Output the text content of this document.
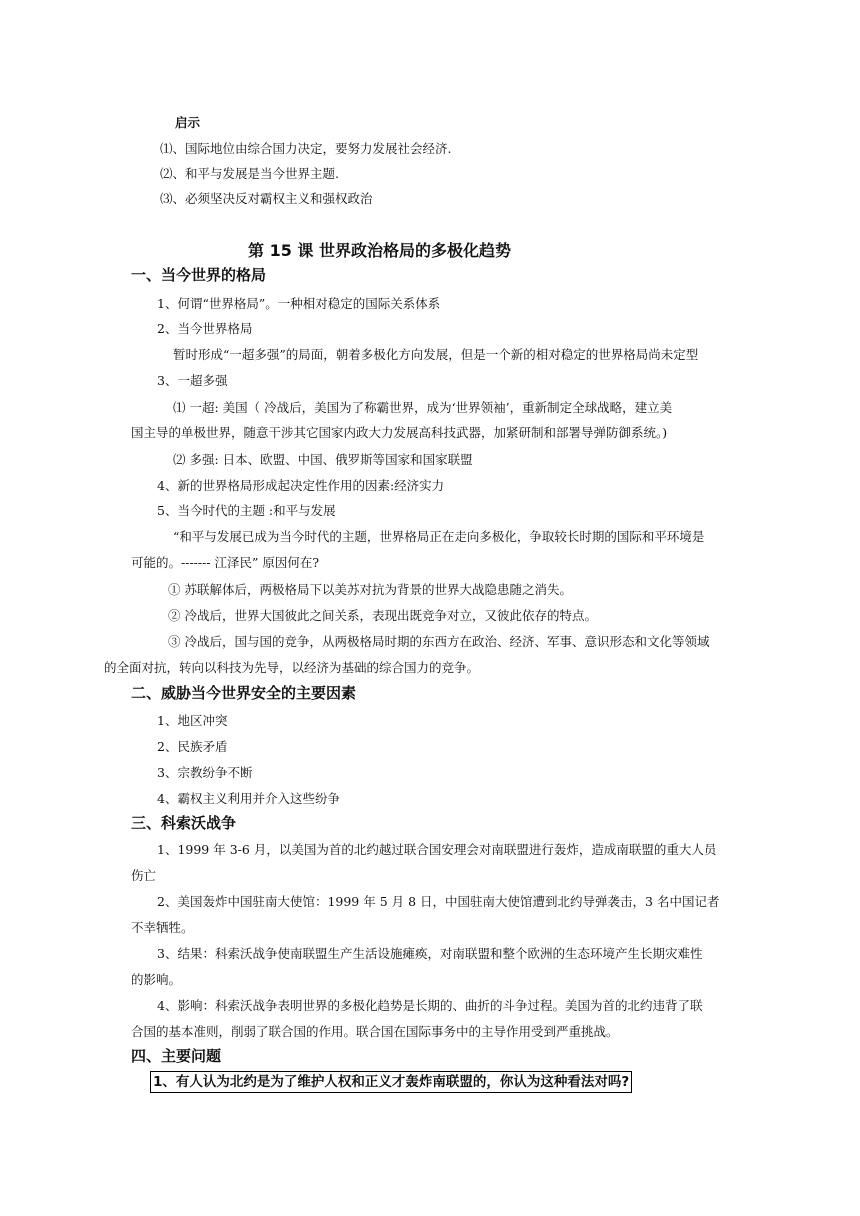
启示
⑴、国际地位由综合国力决定，要努力发展社会经济.
⑵、和平与发展是当今世界主题.
⑶、必须坚决反对霸权主义和强权政治
第 15 课 世界政治格局的多极化趋势
一、当今世界的格局
1、何谓“世界格局”。一种相对稳定的国际关系体系
2、当今世界格局
暂时形成“一超多强”的局面，朝着多极化方向发展，但是一个新的相对稳定的世界格局尚未定型
3、一超多强
⑴ 一超: 美国（ 冷战后，美国为了称霸世界，成为‘世界领袖’，重新制定全球战略，建立美
国主导的单极世界，随意干涉其它国家内政大力发展高科技武器，加紧研制和部署导弹防御系统。)
⑵ 多强: 日本、欧盟、中国、俄罗斯等国家和国家联盟
4、新的世界格局形成起决定性作用的因素:经济实力
5、当今时代的主题 :和平与发展
“和平与发展已成为当今时代的主题，世界格局正在走向多极化，争取较长时期的国际和平环境是
可能的。------- 江泽民” 原因何在?
① 苏联解体后，两极格局下以美苏对抗为背景的世界大战隐患随之消失。
② 冷战后，世界大国彼此之间关系，表现出既竞争对立，又彼此依存的特点。
③ 冷战后，国与国的竞争，从两极格局时期的东西方在政治、经济、军事、意识形态和文化等领域
的全面对抗，转向以科技为先导，以经济为基础的综合国力的竞争。
二、威胁当今世界安全的主要因素
1、地区冲突
2、民族矛盾
3、宗教纷争不断
4、霸权主义利用并介入这些纷争
三、科索沃战争
1、1999 年 3-6 月，以美国为首的北约越过联合国安理会对南联盟进行轰炸，造成南联盟的重大人员
伤亡
2、美国轰炸中国驻南大使馆：1999 年 5 月 8 日，中国驻南大使馆遭到北约导弹袭击，3 名中国记者
不幸牺牲。
3、结果：科索沃战争使南联盟生产生活设施瘫痪，对南联盟和整个欧洲的生态环境产生长期灾难性
的影响。
4、影响：科索沃战争表明世界的多极化趋势是长期的、曲折的斗争过程。美国为首的北约违背了联
合国的基本准则，削弱了联合国的作用。联合国在国际事务中的主导作用受到严重挑战。
四、主要问题
1、有人认为北约是为了维护人权和正义才轰炸南联盟的，你认为这种看法对吗?
